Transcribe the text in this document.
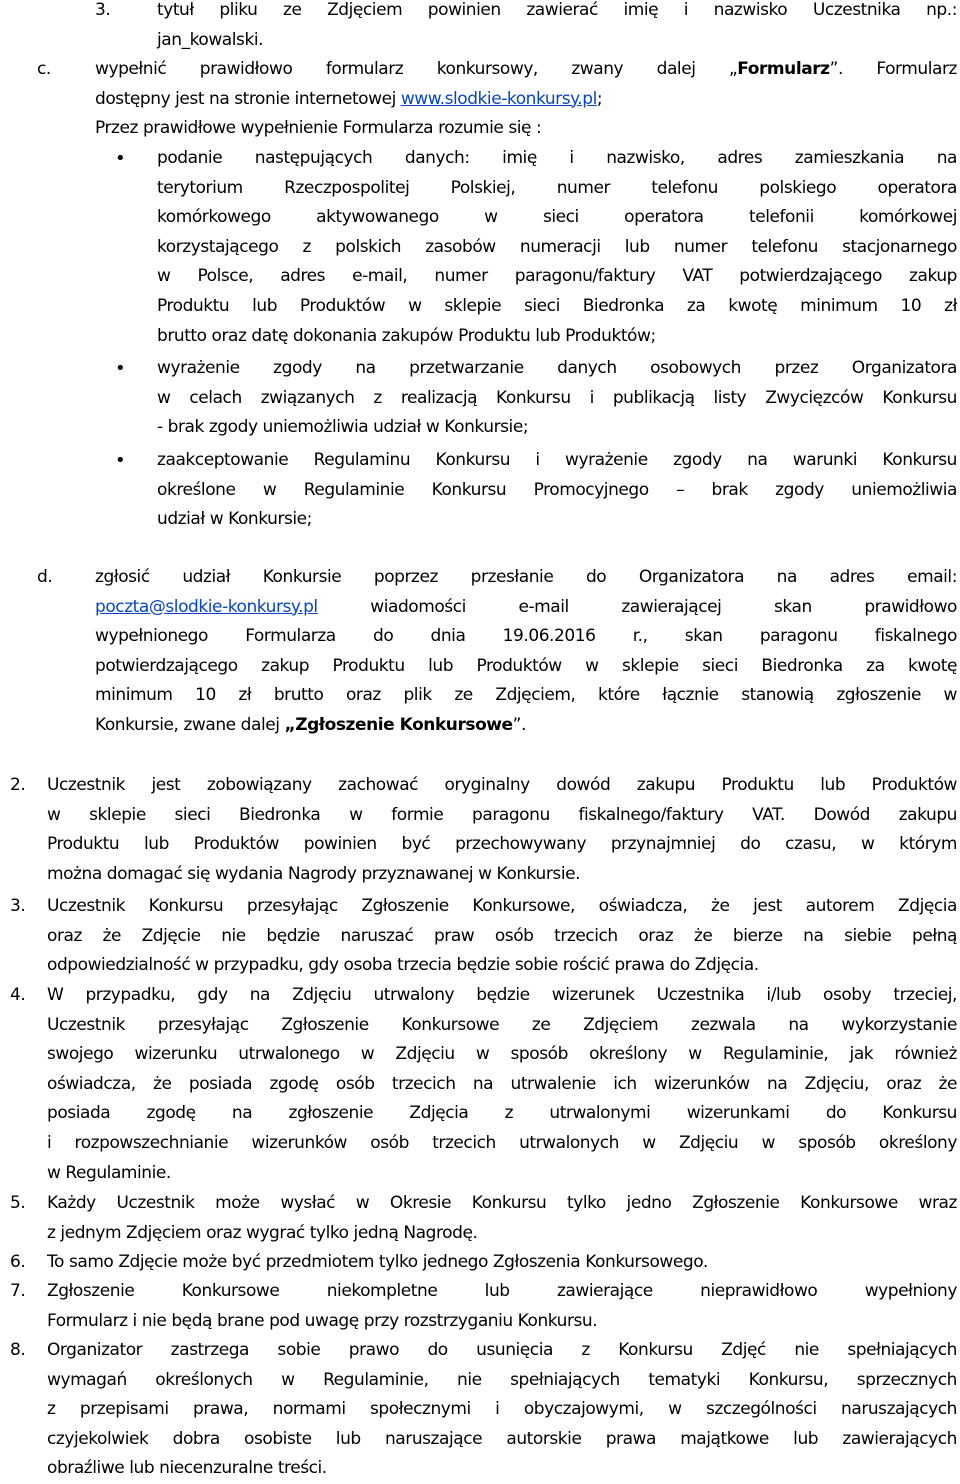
3.	tytuł pliku ze Zdjęciem powinien zawierać imię i nazwisko Uczestnika np.:
jan_kowalski.
c.	wypełnić prawidłowo formularz konkursowy, zwany dalej „Formularz”. Formularz
dostępny jest na stronie internetowej www.slodkie-konkursy.pl;
Przez prawidłowe wypełnienie Formularza rozumie się :
• podanie następujących danych: imię i nazwisko, adres zamieszkania na
terytorium Rzeczpospolitej Polskiej, numer telefonu polskiego operatora
komórkowego aktywowanego w sieci operatora telefonii komórkowej
korzystającego z polskich zasobów numeracji lub numer telefonu stacjonarnego
w Polsce, adres e-mail, numer paragonu/faktury VAT potwierdzającego zakup
Produktu lub Produktów w sklepie sieci Biedronka za kwotę minimum 10 zł
brutto oraz datę dokonania zakupów Produktu lub Produktów;
• wyrażenie zgody na przetwarzanie danych osobowych przez Organizatora
w celach związanych z realizacją Konkursu i publikacją listy Zwycięzców Konkursu
- brak zgody uniemożliwia udział w Konkursie;
• zaakceptowanie Regulaminu Konkursu i wyrażenie zgody na warunki Konkursu
określone w Regulaminie Konkursu Promocyjnego – brak zgody uniemożliwia
udział w Konkursie;
d.	zgłosić udział Konkursie poprzez przesłanie do Organizatora na adres email:
poczta@slodkie-konkursy.pl wiadomości e-mail zawierającej skan prawidłowo
wypełnionego Formularza do dnia 19.06.2016 r., skan paragonu fiskalnego
potwierdzającego zakup Produktu lub Produktów w sklepie sieci Biedronka za kwotę
minimum 10 zł brutto oraz plik ze Zdjęciem, które łącznie stanowią zgłoszenie w
Konkursie, zwane dalej „Zgłoszenie Konkursowe”.
2. Uczestnik jest zobowiązany zachować oryginalny dowód zakupu Produktu lub Produktów
w sklepie sieci Biedronka w formie paragonu fiskalnego/faktury VAT. Dowód zakupu
Produktu lub Produktów powinien być przechowywany przynajmniej do czasu, w którym
można domagać się wydania Nagrody przyznawanej w Konkursie.
3. Uczestnik Konkursu przesyłając Zgłoszenie Konkursowe, oświadcza, że jest autorem Zdjęcia
oraz że Zdjęcie nie będzie naruszać praw osób trzecich oraz że bierze na siebie pełną
odpowiedzialność w przypadku, gdy osoba trzecia będzie sobie rościć prawa do Zdjęcia.
4. W przypadku, gdy na Zdjęciu utrwalony będzie wizerunek Uczestnika i/lub osoby trzeciej,
Uczestnik przesyłając Zgłoszenie Konkursowe ze Zdjęciem zezwala na wykorzystanie
swojego wizerunku utrwalonego w Zdjęciu w sposób określony w Regulaminie, jak również
oświadcza, że posiada zgodę osób trzecich na utrwalenie ich wizerunków na Zdjęciu, oraz że
posiada zgodę na zgłoszenie Zdjęcia z utrwalonymi wizerunkami do Konkursu
i rozpowszechnianie wizerunków osób trzecich utrwalonych w Zdjęciu w sposób określony
w Regulaminie.
5. Każdy Uczestnik może wysłać w Okresie Konkursu tylko jedno Zgłoszenie Konkursowe wraz
z jednym Zdjęciem oraz wygrać tylko jedną Nagrodę.
6. To samo Zdjęcie może być przedmiotem tylko jednego Zgłoszenia Konkursowego.
7. Zgłoszenie Konkursowe niekompletne lub zawierające nieprawidłowo wypełniony
Formularz i nie będą brane pod uwagę przy rozstrzyganiu Konkursu.
8. Organizator zastrzega sobie prawo do usunięcia z Konkursu Zdjęć nie spełniających
wymagań określonych w Regulaminie, nie spełniających tematyki Konkursu, sprzecznych
z przepisami prawa, normami społecznymi i obyczajowymi, w szczególności naruszających
czyjekolwiek dobra osobiste lub naruszające autorskie prawa majątkowe lub zawierających
obraźliwe lub niecenzuralne treści.
